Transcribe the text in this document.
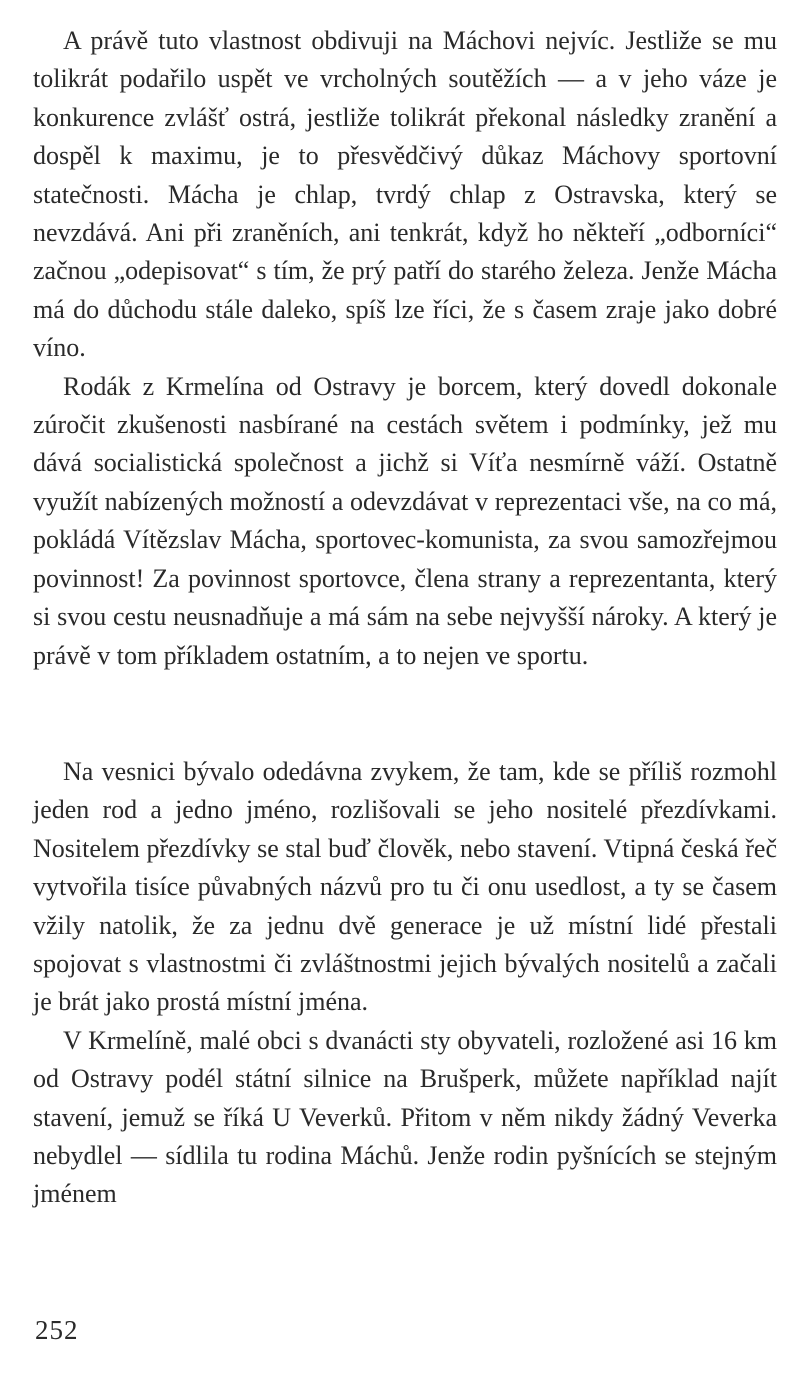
A právě tuto vlastnost obdivuji na Máchovi nejvíc. Jestliže se mu tolikrát podařilo uspět ve vrcholných soutěžích — a v jeho váze je konkurence zvlášť ostrá, jestliže tolikrát překonal následky zranění a dospěl k maximu, je to přesvědčivý důkaz Máchovy sportovní statečnosti. Mácha je chlap, tvrdý chlap z Ostravska, který se nevzdává. Ani při zraněních, ani tenkrát, když ho někteří „odborníci“ začnou „odepisovat“ s tím, že prý patří do starého železa. Jenže Mácha má do důchodu stále daleko, spíš lze říci, že s časem zraje jako dobré víno.

Rodák z Krmelína od Ostravy je borcem, který dovedl dokonale zúročit zkušenosti nasbírané na cestách světem i podmínky, jež mu dává socialistická společnost a jichž si Víťa nesmírně váží. Ostatně využít nabízených možností a odevzdávat v reprezentaci vše, na co má, pokládá Vítězslav Mácha, sportovec-komunista, za svou samozřejmou povinnost! Za povinnost sportovce, člena strany a reprezentanta, který si svou cestu neusnadňuje a má sám na sebe nejvyšší nároky. A který je právě v tom příkladem ostatním, a to nejen ve sportu.

Na vesnici bývalo odedávna zvykem, že tam, kde se příliš rozmohl jeden rod a jedno jméno, rozlišovali se jeho nositelé přezdívkami. Nositelem přezdívky se stal buď člověk, nebo stavení. Vtipná česká řeč vytvořila tisíce půvabných názvů pro tu či onu usedlost, a ty se časem vžily natolik, že za jednu dvě generace je už místní lidé přestali spojovat s vlastnostmi či zvláštnostmi jejich bývalých nositelů a začali je brát jako prostá místní jména.

V Krmelíně, malé obci s dvanácti sty obyvateli, rozložené asi 16 km od Ostravy podél státní silnice na Brušperk, můžete například najít stavení, jemuž se říká U Veverků. Přitom v něm nikdy žádný Veverka nebydlel — sídlila tu rodina Máchů. Jenže rodin pyšnících se stejným jménem

252
